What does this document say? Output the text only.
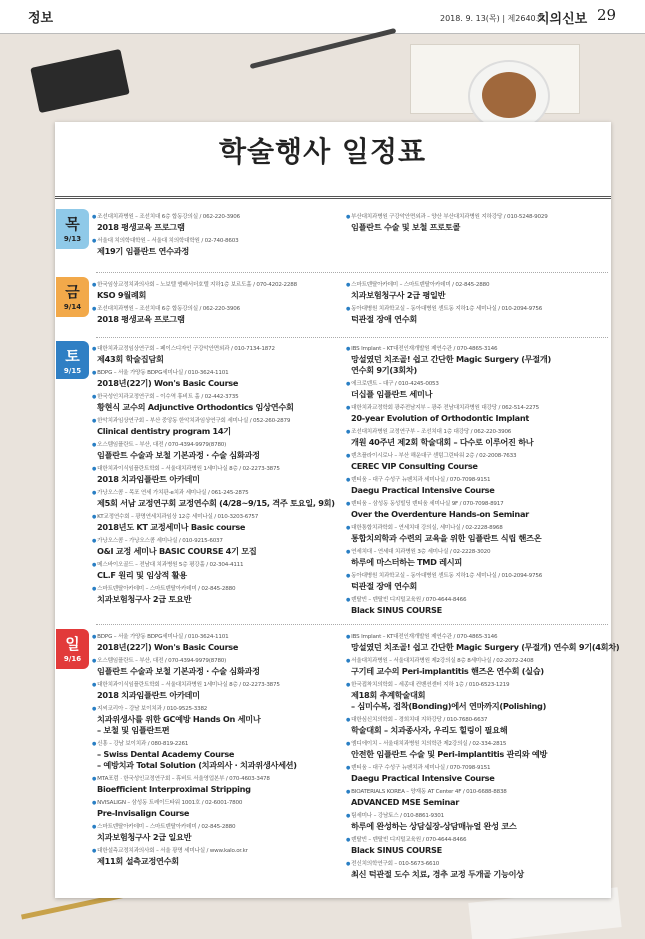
정보	2018. 9. 13(목) | 제2640호 |
치의신보 29
학술행사 일정표
목
9/13
● 조선대치과병원 – 조선치대 6층 합동강의실 / 062-220-3906
2018 평생교육 프로그램
● 서울대 치의학대학원 – 서울대 치의학대학원 / 02-740-8603
제19기 임플란트 연수과정
● 부산대치과병원 구강악안면외과 – 양산 부산대치과병원 지하강당 / 010-5248-9029
임플란트 수술 및 보철 프로토콜
금
9/14
● 한국임상교정치과의사회 – 노보텔 앰배서더호텔 지하1층 보르도홀 / 070-4202-2288
KSO 9월례회
● 조선대치과병원 – 조선치대 6층 합동강의실 / 062-220-3906
2018 평생교육 프로그램
● 스마트덴탈아카데미 – 스마트덴탈아카데미 / 02-845-2880
치과보험청구사 2급 평일반
● 동아대병원 치과학교실 – 동아대병원 센트동 지하1층 세미나실 / 010-2094-9756
턱관절 장애 연수회
토
9/15
● 대한치과교정임상연구회 – 페이스디자인 구강악안면외과 / 010-7134-1872
제43회 학술집담회
● BDPG – 서울 가양동 BDPG세미나실 / 010-3624-1101
2018년(22기) Won's Basic Course
● 한국성인치과교정연구회 – 이수역 휴비트 홀 / 02-442-3735
황현식 교수의 Adjunctive Orthodontics 임상연수회
● 한악치과임상연구회 – 부산 중앙동 한악치과임상연구회 세미나실 / 052-260-2879
Clinical dentistry program 14기
● 오스템임플란트 – 부산, 대전 / 070-4394-9979(8780)
임플란트 수술과 보철 기본과정 · 수술 심화과정
● 대한치과이식임플란트학회 – 서울대치과병원 1세미나실 8층 / 02-2273-3875
2018 치과임플란트 아카데미
● 가낭오스콤 – 목포 연세 가치판-e치과 세미나실 / 061-245-2875
제5회 서남 교정연구회 교정연수회 (4/28~9/15, 격주 토요일, 9회)
● KT교정연수회 – 광명연세치과임상 12층 세미나실 / 010-3203-6757
2018년도 KT 교정세미나 Basic course
● 가낭오스콤 – 가낭오스콤 세미나실 / 010-9215-6037
O&I 교정 세미나 BASIC COURSE 4기 모집
● 메스바이오골드 – 전남대 치과병원 5층 평강홀 / 02-304-4111
CL.F 원리 및 임상적 활용
● 스마트덴탈아카데미 – 스마트덴탈아카데미 / 02-845-2880
치과보험청구사 2급 토요반
● IBS Implant – KT대전인재개발원 제연수관 / 070-4865-3146
망설였던 치조골! 쉽고 간단한 Magic Surgery (무절개)
연수회 9기(3회차)
● 에크로덴트 – 대구 / 010-4245-0053
더십플 임플란트 세미나
● 대한치과교정학회 광주전남지부 – 광주 전남대치과병원 대강당 / 062-514-2275
20-year Evolution of Orthodontic Implant
● 조선대치과병원 교정연구부 – 조선치대 1층 대강당 / 062-220-3906
개원 40주년 제2회 학술대회 – 다수로 이루어진 하나
● 덴츠플라이시로나 – 부산 해운대구 센텀그린타워 2층 / 02-2008-7633
CEREC VIP Consulting Course
● 덴티움 – 대구 수성구 뉴펜치과 세미나실 / 070-7098-9151
Daegu Practical Intensive Course
● 덴티움 – 삼성동 동성빌딩 덴티움 세미나실 9F / 070-7098-8917
Over the Overdenture Hands-on Seminar
● 대한통합치과학회 – 연세치대 강의실, 세미나실 / 02-2228-8968
통합치의학과 수련의 교육을 위한 임플란트 식립 핸즈온
● 연세치대 – 연세대 치과병원 3층 세미나실 / 02-2228-3020
하루에 마스터하는 TMD 레시피
● 동아대병원 치과학교실 – 동아대병원 센트동 지하1층 세미나실 / 010-2094-9756
턱관절 장애 연수회
● 덴탈빈 – 덴탈빈 디지털교육원 / 070-4644-8466
Black SINUS COURSE
일
9/16
● BDPG – 서울 가양동 BDPG세미나실 / 010-3624-1101
2018년(22기) Won's Basic Course
● 오스템임플란트 – 부산, 대전 / 070-4394-9979(8780)
임플란트 수술과 보철 기본과정 · 수술 심화과정
● 대한치과이식임플란트학회 – 서울대치과병원 1세미나실 8층 / 02-2273-3875
2018 치과임플란트 아카데미
● 지씨코리아 – 강남 보이치과 / 010-9525-3382
치과위생사를 위한 GC예방 Hands On 세미나
– 보철 및 임플란트편
● 신흥 – 강남 보이치과 / 080-819-2261
– Swiss Dental Academy Course
– 예방치과 Total Solution (치과의사 · 치과위생사세션)
● MTA포럼 · 한국성인교정연구회 – 휴비트 서울영업본부 / 070-4603-3478
Bioefficient Interproximal Stripping
● NVISALIGN – 삼성동 트레이드타워 1001호 / 02-6001-7800
Pre-Invisalign Course
● 스마트덴탈아카데미 – 스마트덴탈아카데미 / 02-845-2880
치과보험청구사 2급 일요반
● 대한설측교정치과의사회 – 서울 광명 세미나실 / www.kalo.or.kr
제11회 설측교정연수회
● IBS Implant – KT대전인재개발원 제연수관 / 070-4865-3146
망설였던 치조골! 쉽고 간단한 Magic Surgery (무절개) 연수회 9기(4회차)
● 서울대치과병원 – 서울대치과병원 제2강의실 8층 8세미나실 / 02-2072-2408
구기테 교수의 Peri-implantitis 핸즈온 연수회 (실습)
● 한국접착치의학회 – 세종대 컨벤션센터 지하 1층 / 010-6523-1219
제18회 추계학술대회
– 심미수복, 접착(Bonding)에서 연마까지(Polishing)
● 대한심신치의학회 – 경희치대 지하강당 / 010-7680-6637
학술대회 – 치과종사자, 우리도 힐링이 필요해
● 엠디에이치 – 서울대치과병원 치의학관 제2강의실 / 02-334-2815
안전한 임플란트 수술 및 Peri-implantitis 관리와 예방
● 덴티움 – 대구 수성구 뉴펜치과 세미나실 / 070-7098-9151
Daegu Practical Intensive Course
● BIOATERIALS KOREA – 양재동 AT Center 4F / 010-6688-8838
ADVANCED MSE Seminar
● 팀세미나 – 강남토스 / 010-8861-9301
하루에 완성하는 상담실장-상담매뉴얼 완성 코스
● 덴탈빈 – 덴탈빈 디지털교육원 / 070-4644-8466
Black SINUS COURSE
● 전신치의학연구회 – 010-5673-6610
최신 턱관절 도수 치료, 경추 교정 두개골 기능이상
